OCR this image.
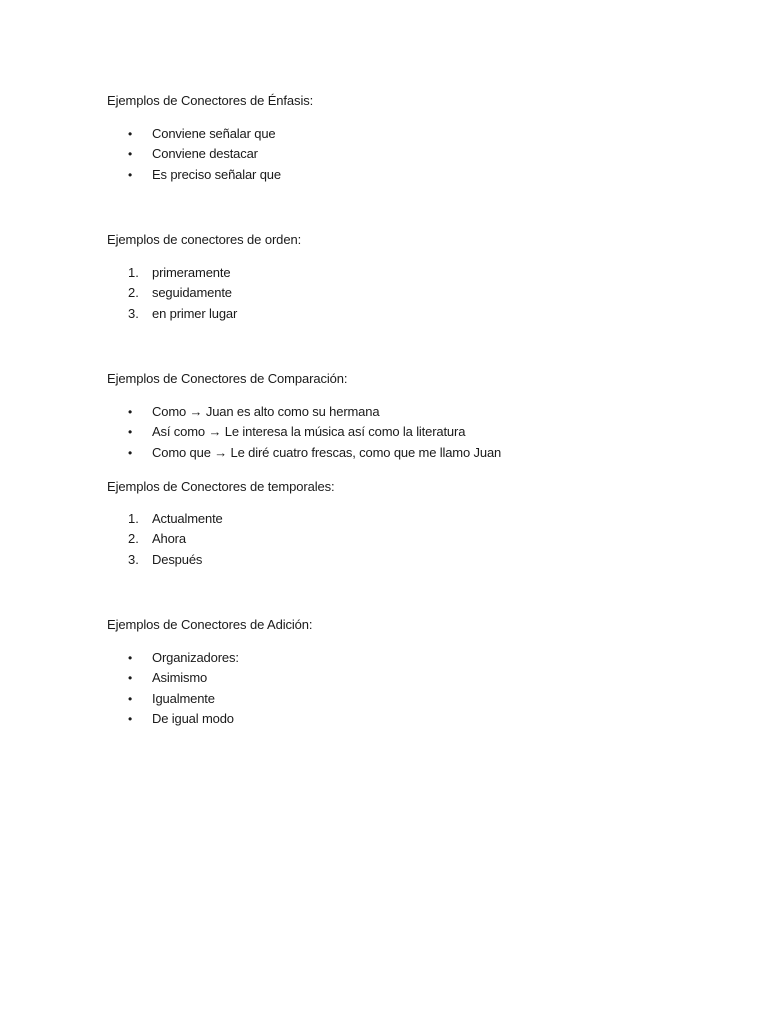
Ejemplos de Conectores de Énfasis:
•	Conviene señalar que
•	Conviene destacar
•	Es preciso señalar que
Ejemplos de conectores de orden:
1.	primeramente
2.	seguidamente
3.	en primer lugar
Ejemplos de Conectores de Comparación:
•	Como → Juan es alto como su hermana
•	Así como → Le interesa la música así como la literatura
•	Como que → Le diré cuatro frescas, como que me llamo Juan
Ejemplos de Conectores de temporales:
1.	Actualmente
2.	Ahora
3.	Después
Ejemplos de Conectores de Adición:
•	Organizadores:
•	Asimismo
•	Igualmente
•	De igual modo
